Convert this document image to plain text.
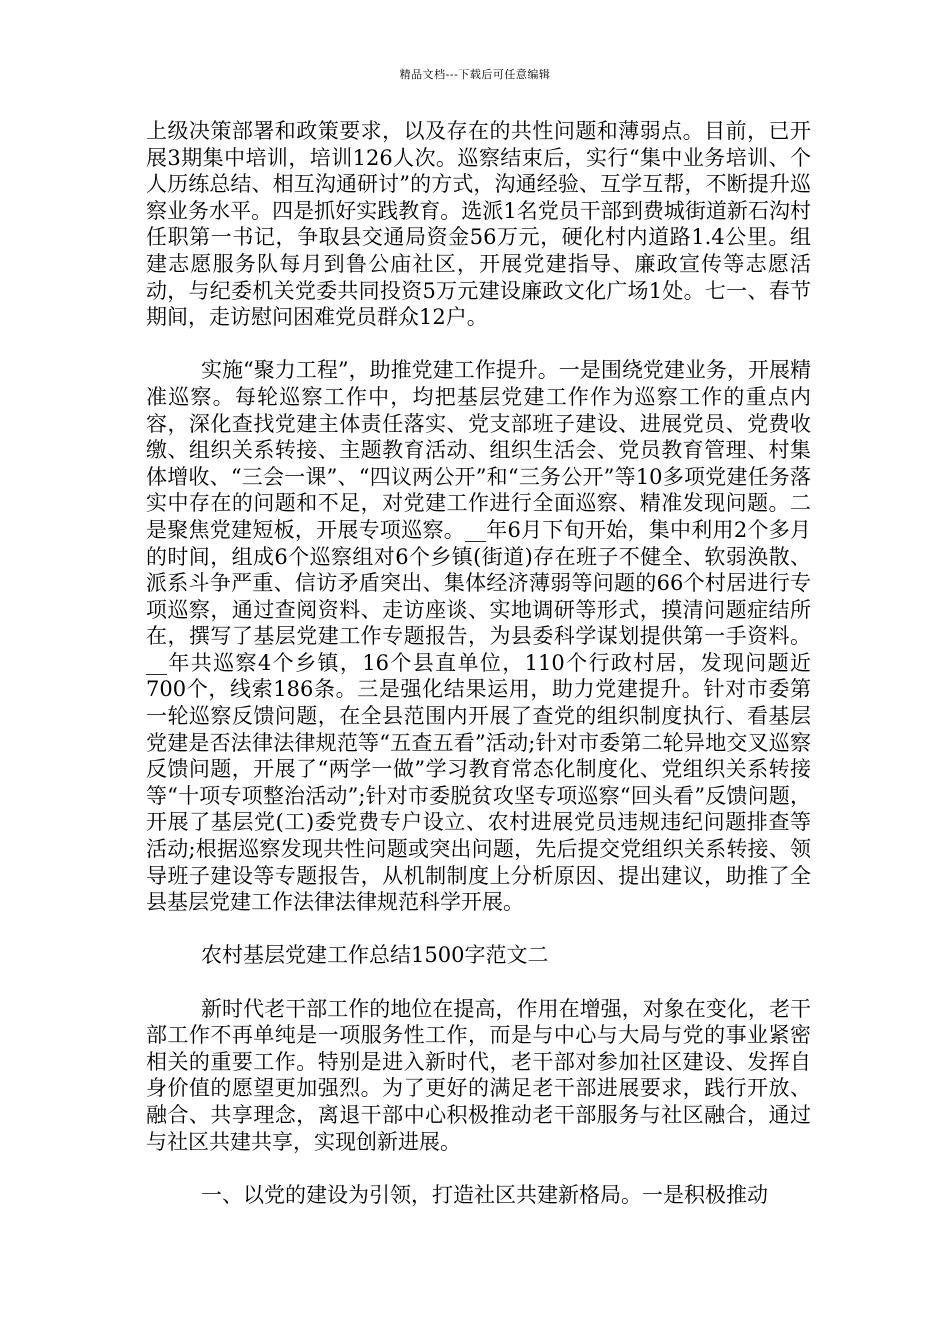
精品文档---下载后可任意编辑

上级决策部署和政策要求，以及存在的共性问题和薄弱点。目前，已开展3期集中培训，培训126人次。巡察结束后，实行“集中业务培训、个人历练总结、相互沟通研讨”的方式，沟通经验、互学互帮，不断提升巡察业务水平。四是抓好实践教育。选派1名党员干部到费城街道新石沟村任职第一书记，争取县交通局资金56万元，硬化村内道路1.4公里。组建志愿服务队每月到鲁公庙社区，开展党建指导、廉政宣传等志愿活动，与纪委机关党委共同投资5万元建设廉政文化广场1处。七一、春节期间，走访慰问困难党员群众12户。

实施“聚力工程”，助推党建工作提升。一是围绕党建业务，开展精准巡察。每轮巡察工作中，均把基层党建工作作为巡察工作的重点内容，深化查找党建主体责任落实、党支部班子建设、进展党员、党费收缴、组织关系转接、主题教育活动、组织生活会、党员教育管理、村集体增收、“三会一课”、“四议两公开”和“三务公开”等10多项党建任务落实中存在的问题和不足，对党建工作进行全面巡察、精准发现问题。二是聚焦党建短板，开展专项巡察。__年6月下旬开始，集中利用2个多月的时间，组成6个巡察组对6个乡镇(街道)存在班子不健全、软弱涣散、派系斗争严重、信访矛盾突出、集体经济薄弱等问题的66个村居进行专项巡察，通过查阅资料、走访座谈、实地调研等形式，摸清问题症结所在，撰写了基层党建工作专题报告，为县委科学谋划提供第一手资料。__年共巡察4个乡镇，16个县直单位，110个行政村居，发现问题近700个，线索186条。三是强化结果运用，助力党建提升。针对市委第一轮巡察反馈问题，在全县范围内开展了查党的组织制度执行、看基层党建是否法律法律规范等“五查五看”活动;针对市委第二轮异地交叉巡察反馈问题，开展了“两学一做”学习教育常态化制度化、党组织关系转接等“十项专项整治活动”;针对市委脱贫攻坚专项巡察“回头看”反馈问题，开展了基层党(工)委党费专户设立、农村进展党员违规违纪问题排查等活动;根据巡察发现共性问题或突出问题，先后提交党组织关系转接、领导班子建设等专题报告，从机制制度上分析原因、提出建议，助推了全县基层党建工作法律法律规范科学开展。

农村基层党建工作总结1500字范文二

新时代老干部工作的地位在提高，作用在增强，对象在变化，老干部工作不再单纯是一项服务性工作，而是与中心与大局与党的事业紧密相关的重要工作。特别是进入新时代，老干部对参加社区建设、发挥自身价值的愿望更加强烈。为了更好的满足老干部进展要求，践行开放、融合、共享理念，离退干部中心积极推动老干部服务与社区融合，通过与社区共建共享，实现创新进展。

一、以党的建设为引领，打造社区共建新格局。一是积极推动
